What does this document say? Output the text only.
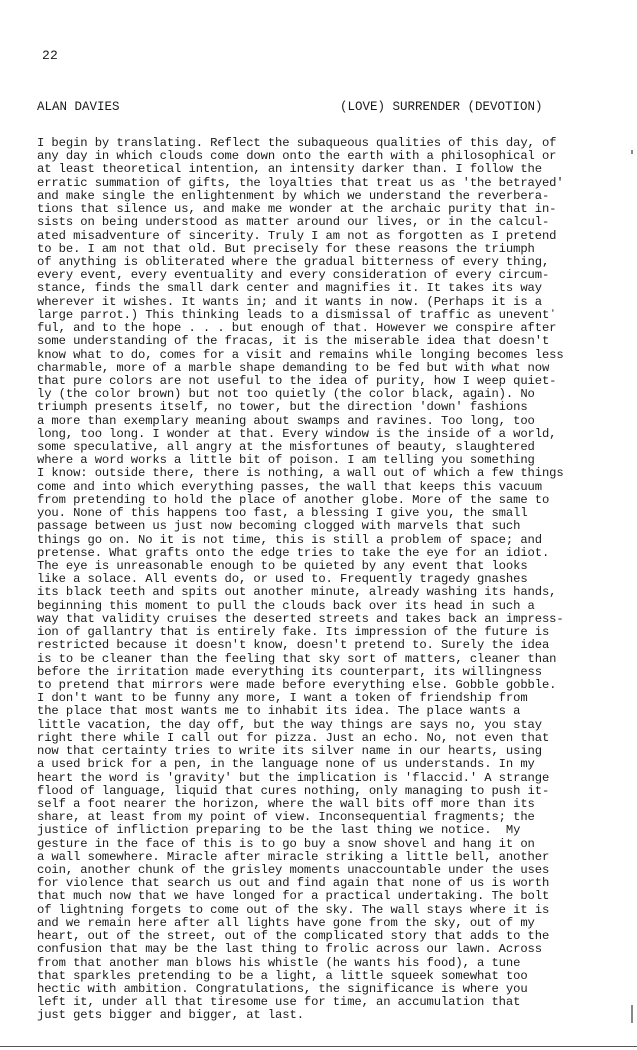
22
ALAN DAVIES	(LOVE) SURRENDER (DEVOTION)
I begin by translating. Reflect the subaqueous qualities of this day, of
any day in which clouds come down onto the earth with a philosophical or
at least theoretical intention, an intensity darker than. I follow the
erratic summation of gifts, the loyalties that treat us as 'the betrayed'
and make single the enlightenment by which we understand the reverbera-
tions that silence us, and make me wonder at the archaic purity that in-
sists on being understood as matter around our lives, or in the calcul-
ated misadventure of sincerity. Truly I am not as forgotten as I pretend
to be. I am not that old. But precisely for these reasons the triumph
of anything is obliterated where the gradual bitterness of every thing,
every event, every eventuality and every consideration of every circum-
stance, finds the small dark center and magnifies it. It takes its way
wherever it wishes. It wants in; and it wants in now. (Perhaps it is a
large parrot.) This thinking leads to a dismissal of traffic as uneventʼ
ful, and to the hope . . . but enough of that. However we conspire after
some understanding of the fracas, it is the miserable idea that doesn't
know what to do, comes for a visit and remains while longing becomes less
charmable, more of a marble shape demanding to be fed but with what now
that pure colors are not useful to the idea of purity, how I weep quiet-
ly (the color brown) but not too quietly (the color black, again). No
triumph presents itself, no tower, but the direction 'down' fashions
a more than exemplary meaning about swamps and ravines. Too long, too
long, too long. I wonder at that. Every window is the inside of a world,
some speculative, all angry at the misfortunes of beauty, slaughtered
where a word works a little bit of poison. I am telling you something
I know: outside there, there is nothing, a wall out of which a few things
come and into which everything passes, the wall that keeps this vacuum
from pretending to hold the place of another globe. More of the same to
you. None of this happens too fast, a blessing I give you, the small
passage between us just now becoming clogged with marvels that such
things go on. No it is not time, this is still a problem of space; and
pretense. What grafts onto the edge tries to take the eye for an idiot.
The eye is unreasonable enough to be quieted by any event that looks
like a solace. All events do, or used to. Frequently tragedy gnashes
its black teeth and spits out another minute, already washing its hands,
beginning this moment to pull the clouds back over its head in such a
way that validity cruises the deserted streets and takes back an impress-
ion of gallantry that is entirely fake. Its impression of the future is
restricted because it doesn't know, doesn't pretend to. Surely the idea
is to be cleaner than the feeling that sky sort of matters, cleaner than
before the irritation made everything its counterpart, its willingness
to pretend that mirrors were made before everything else. Gobble gobble.
I don't want to be funny any more, I want a token of friendship from
the place that most wants me to inhabit its idea. The place wants a
little vacation, the day off, but the way things are says no, you stay
right there while I call out for pizza. Just an echo. No, not even that
now that certainty tries to write its silver name in our hearts, using
a used brick for a pen, in the language none of us understands. In my
heart the word is 'gravity' but the implication is 'flaccid.' A strange
flood of language, liquid that cures nothing, only managing to push it-
self a foot nearer the horizon, where the wall bits off more than its
share, at least from my point of view. Inconsequential fragments; the
justice of infliction preparing to be the last thing we notice.  My
gesture in the face of this is to go buy a snow shovel and hang it on
a wall somewhere. Miracle after miracle striking a little bell, another
coin, another chunk of the grisley moments unaccountable under the uses
for violence that search us out and find again that none of us is worth
that much now that we have longed for a practical undertaking. The bolt
of lightning forgets to come out of the sky. The wall stays where it is
and we remain here after all lights have gone from the sky, out of my
heart, out of the street, out of the complicated story that adds to the
confusion that may be the last thing to frolic across our lawn. Across
from that another man blows his whistle (he wants his food), a tune
that sparkles pretending to be a light, a little squeek somewhat too
hectic with ambition. Congratulations, the significance is where you
left it, under all that tiresome use for time, an accumulation that
just gets bigger and bigger, at last.
